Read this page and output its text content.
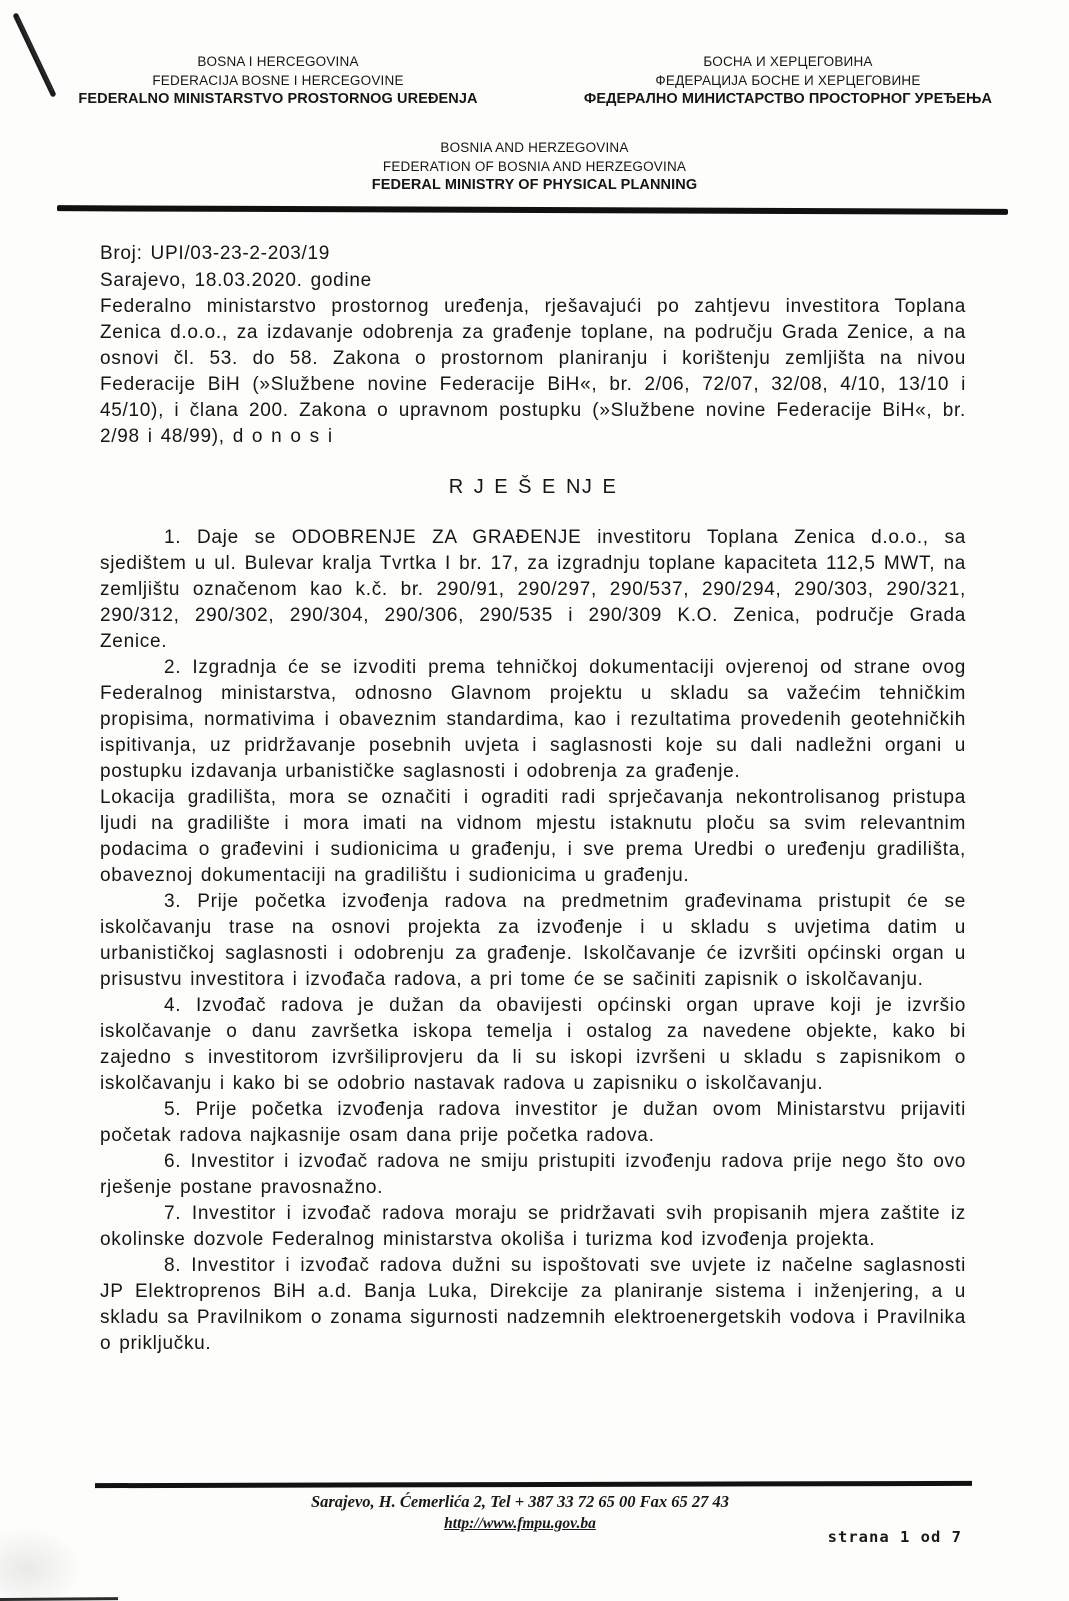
BOSNA I HERCEGOVINA
FEDERACIJA BOSNE I HERCEGOVINE
FEDERALNO MINISTARSTVO PROSTORNOG UREĐENJA
БОСНА И ХЕРЦЕГОВИНА
ФЕДЕРАЦИЈА БОСНЕ И ХЕРЦЕГОВИНЕ
ФЕДЕРАЛНО МИНИСТАРСТВО ПРОСТОРНОГ УРЕЂЕЊА
BOSNIA AND HERZEGOVINA
FEDERATION OF BOSNIA AND HERZEGOVINA
FEDERAL MINISTRY OF PHYSICAL PLANNING
Broj: UPI/03-23-2-203/19
Sarajevo, 18.03.2020. godine

Federalno ministarstvo prostornog uređenja, rješavajući po zahtjevu investitora Toplana Zenica d.o.o., za izdavanje odobrenja za građenje toplane, na području Grada Zenice, a na osnovi čl. 53. do 58. Zakona o prostornom planiranju i korištenju zemljišta na nivou Federacije BiH (»Službene novine Federacije BiH«, br. 2/06, 72/07, 32/08, 4/10, 13/10 i 45/10), i člana 200. Zakona o upravnom postupku (»Službene novine Federacije BiH«, br. 2/98 i 48/99), d o n o s i

R J E Š E NJ E

1. Daje se ODOBRENJE ZA GRAĐENJE investitoru Toplana Zenica d.o.o., sa sjedištem u ul. Bulevar kralja Tvrtka I br. 17, za izgradnju toplane kapaciteta 112,5 MWT, na zemljištu označenom kao k.č. br. 290/91, 290/297, 290/537, 290/294, 290/303, 290/321, 290/312, 290/302, 290/304, 290/306, 290/535 i 290/309 K.O. Zenica, područje Grada Zenice.

2. Izgradnja će se izvoditi prema tehničkoj dokumentaciji ovjerenoj od strane ovog Federalnog ministarstva, odnosno Glavnom projektu u skladu sa važećim tehničkim propisima, normativima i obaveznim standardima, kao i rezultatima provedenih geotehničkih ispitivanja, uz pridržavanje posebnih uvjeta i saglasnosti koje su dali nadležni organi u postupku izdavanja urbanističke saglasnosti i odobrenja za građenje.

Lokacija gradilišta, mora se označiti i ograditi radi sprječavanja nekontrolisanog pristupa ljudi na gradilište i mora imati na vidnom mjestu istaknutu ploču sa svim relevantnim podacima o građevini i sudionicima u građenju, i sve prema Uredbi o uređenju gradilišta, obaveznoj dokumentaciji na gradilištu i sudionicima u građenju.

3. Prije početka izvođenja radova na predmetnim građevinama pristupit će se iskolčavanju trase na osnovi projekta za izvođenje i u skladu s uvjetima datim u urbanističkoj saglasnosti i odobrenju za građenje. Iskolčavanje će izvršiti općinski organ u prisustvu investitora i izvođača radova, a pri tome će se sačiniti zapisnik o iskolčavanju.

4. Izvođač radova je dužan da obavijesti općinski organ uprave koji je izvršio iskolčavanje o danu završetka iskopa temelja i ostalog za navedene objekte, kako bi zajedno s investitorom izvršiliprovjeru da li su iskopi izvršeni u skladu s zapisnikom o iskolčavanju i kako bi se odobrio nastavak radova u zapisniku o iskolčavanju.

5. Prije početka izvođenja radova investitor je dužan ovom Ministarstvu prijaviti početak radova najkasnije osam dana prije početka radova.

6. Investitor i izvođač radova ne smiju pristupiti izvođenju radova prije nego što ovo rješenje postane pravosnažno.

7. Investitor i izvođač radova moraju se pridržavati svih propisanih mjera zaštite iz okolinske dozvole Federalnog ministarstva okoliša i turizma kod izvođenja projekta.

8. Investitor i izvođač radova dužni su ispoštovati sve uvjete iz načelne saglasnosti JP Elektroprenos BiH a.d. Banja Luka, Direkcije za planiranje sistema i inženjering, a u skladu sa Pravilnikom o zonama sigurnosti nadzemnih elektroenergetskih vodova i Pravilnika o priključku.

Sarajevo, H. Ćemerlića 2, Tel + 387 33 72 65 00 Fax 65 27 43
http://www.fmpu.gov.ba
strana 1 od 7
